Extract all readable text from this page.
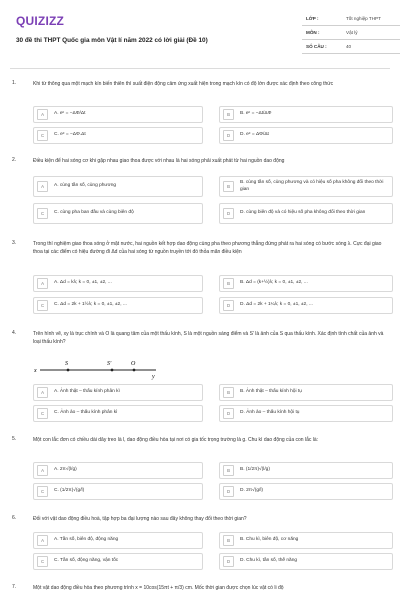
QUIZIZZ
30 đề thi THPT Quốc gia môn Vật lí năm 2022 có lời giải (Đề 10)
LỚP :	Tốt nghiệp THPT
MÔN :	Vật lý
SỐ CÂU :	40
1.	Khi từ thông qua một mạch kín biến thiên thì suất điện động cảm ứng xuất hiện trong mạch kín có độ lớn được xác định theo công thức
A	A. eᶜ = −ΔΦ/Δt	B	B. eᶜ = −Δt/ΔΦ
C	C. eᶜ = −ΔΦ.Δt	D	D. eᶜ = ΔΦ/Δt
2.	Điều kiện để hai sóng cơ khi gặp nhau giao thoa được với nhau là hai sóng phải xuất phát từ hai nguồn dao động
A	A. cùng tần số, cùng phương	B
B. cùng tần số, cùng phương và có hiệu số pha không đổi theo thời gian
C	C. cùng pha ban đầu và cùng biên độ	D	D. cùng biên độ và có hiệu số pha không đổi theo thời gian
3.	Trong thí nghiệm giao thoa sóng ở mặt nước, hai nguồn kết hợp dao động cùng pha theo phương thẳng đứng phát ra hai sóng có bước sóng λ. Cực đại giao thoa tại các điểm có hiệu đường đi Δd của hai sóng từ nguồn truyền tới đó thỏa mãn điều kiện
A	A. Δd = kλ; k = 0, ±1, ±2, ...	B	B. Δd = (k+½)λ; k = 0, ±1, ±2, ...
C	C. Δd = 2k + 1½λ; k = 0, ±1, ±2, ...	D	D. Δd = 2k + 1¼λ; k = 0, ±1, ±2, ...
4.	Trên hình vẽ, xy là trục chính và O là quang tâm của một thấu kính, S là một nguồn sáng điểm và S' là ảnh của S qua thấu kính. Xác định tính chất của ảnh và loại thấu kính?
x
S	S'	O
y
A	A. Ảnh thật – thấu kính phân kì	B	B. Ảnh thật – thấu kính hội tụ
C	C. Ảnh ảo – thấu kính phân kì	D	D. Ảnh ảo – thấu kính hội tụ
5.	Một con lắc đơn có chiều dài dây treo là l, dao động điều hòa tại nơi có gia tốc trọng trường là g. Chu kì dao động của con lắc là:
A	A. 2π√(l/g)	B	B. (1/2π)√(l/g)
C	C. (1/2π)√(g/l)	D	D. 2π√(g/l)
6.	Đối với vật dao động điều hoà, tập hợp ba đại lượng nào sau đây không thay đổi theo thời gian?
A	A. Tần số, biên độ, động năng	B	B. Chu kì, biên độ, cơ năng
C	C. Tần số, động năng, vận tốc	D	D. Chu kì, tần số, thế năng
7.	Một vật dao động điều hòa theo phương trình x = 10cos(15πt + π/3) cm. Mốc thời gian được chọn lúc vật có li độ
